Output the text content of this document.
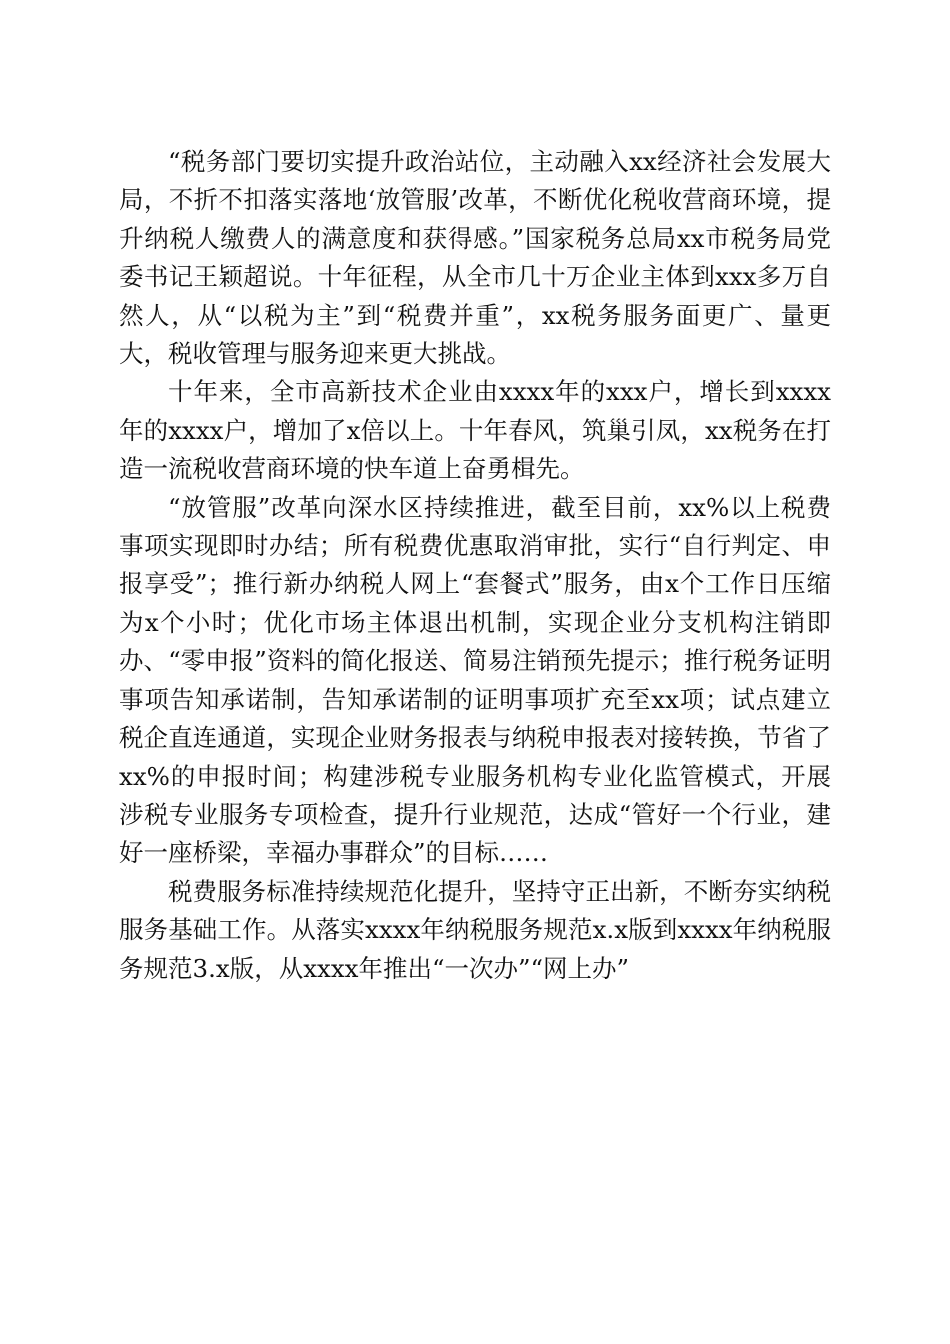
“税务部门要切实提升政治站位，主动融入xx经济社会发展大局，不折不扣落实落地‘放管服’改革，不断优化税收营商环境，提升纳税人缴费人的满意度和获得感。”国家税务总局xx市税务局党委书记王颖超说。十年征程，从全市几十万企业主体到xxx多万自然人，从“以税为主”到“税费并重”，xx税务服务面更广、量更大，税收管理与服务迎来更大挑战。

十年来，全市高新技术企业由xxxx年的xxx户，增长到xxxx年的xxxx户，增加了x倍以上。十年春风，筑巢引凤，xx税务在打造一流税收营商环境的快车道上奋勇楫先。

“放管服”改革向深水区持续推进，截至目前，xx%以上税费事项实现即时办结；所有税费优惠取消审批，实行“自行判定、申报享受”；推行新办纳税人网上“套餐式”服务，由x个工作日压缩为x个小时；优化市场主体退出机制，实现企业分支机构注销即办、“零申报”资料的简化报送、简易注销预先提示；推行税务证明事项告知承诺制，告知承诺制的证明事项扩充至xx项；试点建立税企直连通道，实现企业财务报表与纳税申报表对接转换，节省了xx%的申报时间；构建涉税专业服务机构专业化监管模式，开展涉税专业服务专项检查，提升行业规范，达成“管好一个行业，建好一座桥梁，幸福办事群众”的目标……

税费服务标准持续规范化提升，坚持守正出新，不断夯实纳税服务基础工作。从落实xxxx年纳税服务规范x.x版到xxxx年纳税服务规范3.x版，从xxxx年推出“一次办”“网上办”
